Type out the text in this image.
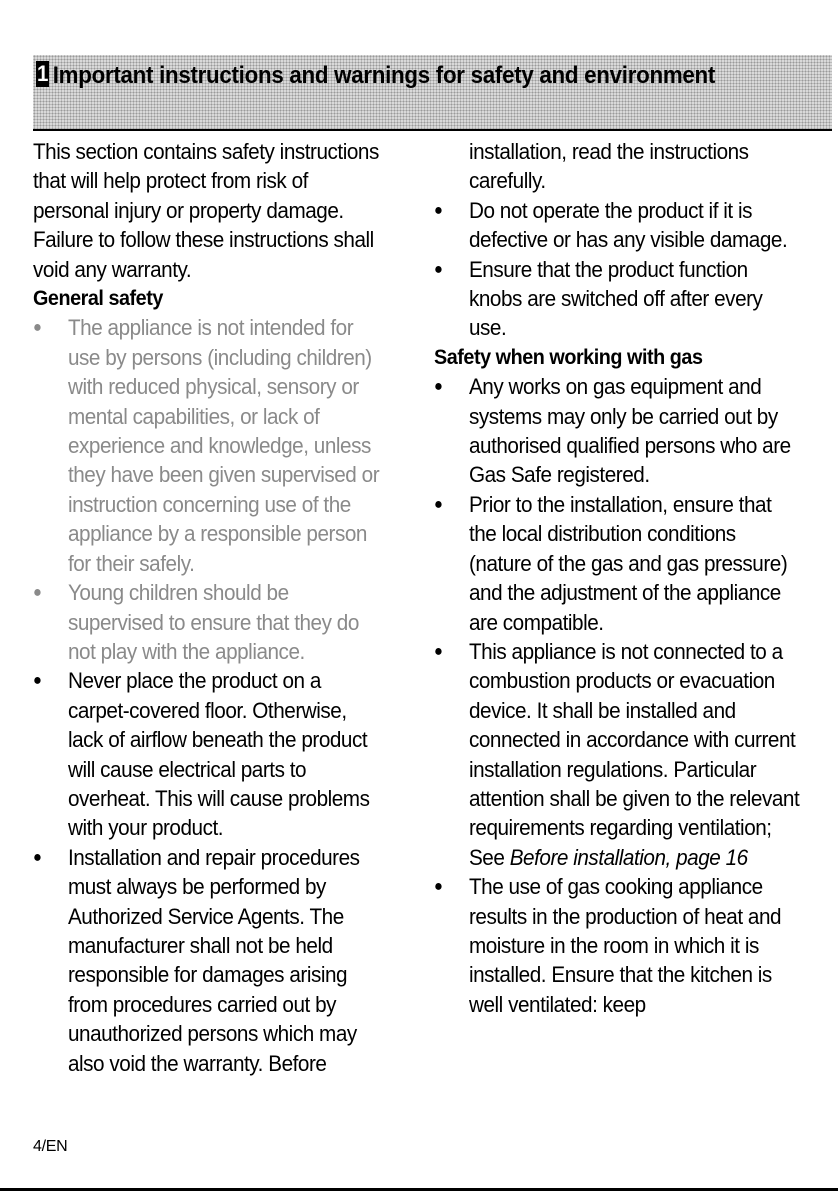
1 Important instructions and warnings for safety and environment

This section contains safety instructions that will help protect from risk of personal injury or property damage. Failure to follow these instructions shall void any warranty.

General safety
●	The appliance is not intended for use by persons (including children) with reduced physical, sensory or mental capabilities, or lack of experience and knowledge, unless they have been given supervised or instruction concerning use of the appliance by a responsible person for their safely.
●	Young children should be supervised to ensure that they do not play with the appliance.
●	Never place the product on a carpet-covered floor. Otherwise, lack of airflow beneath the product will cause electrical parts to overheat. This will cause problems with your product.
●	Installation and repair procedures must always be performed by Authorized Service Agents. The manufacturer shall not be held responsible for damages arising from procedures carried out by unauthorized persons which may also void the warranty. Before

installation, read the instructions carefully.

●	Do not operate the product if it is defective or has any visible damage.
●	Ensure that the product function knobs are switched off after every use.
Safety when working with gas
●	Any works on gas equipment and systems may only be carried out by authorised qualified persons who are Gas Safe registered.
●	Prior to the installation, ensure that the local distribution conditions (nature of the gas and gas pressure) and the adjustment of the appliance are compatible.
●	This appliance is not connected to a combustion products or evacuation device. It shall be installed and connected in accordance with current installation regulations. Particular attention shall be given to the relevant requirements regarding ventilation; See Before installation, page 16
●	The use of gas cooking appliance results in the production of heat and moisture in the room in which it is installed. Ensure that the kitchen is well ventilated: keep
4/EN
